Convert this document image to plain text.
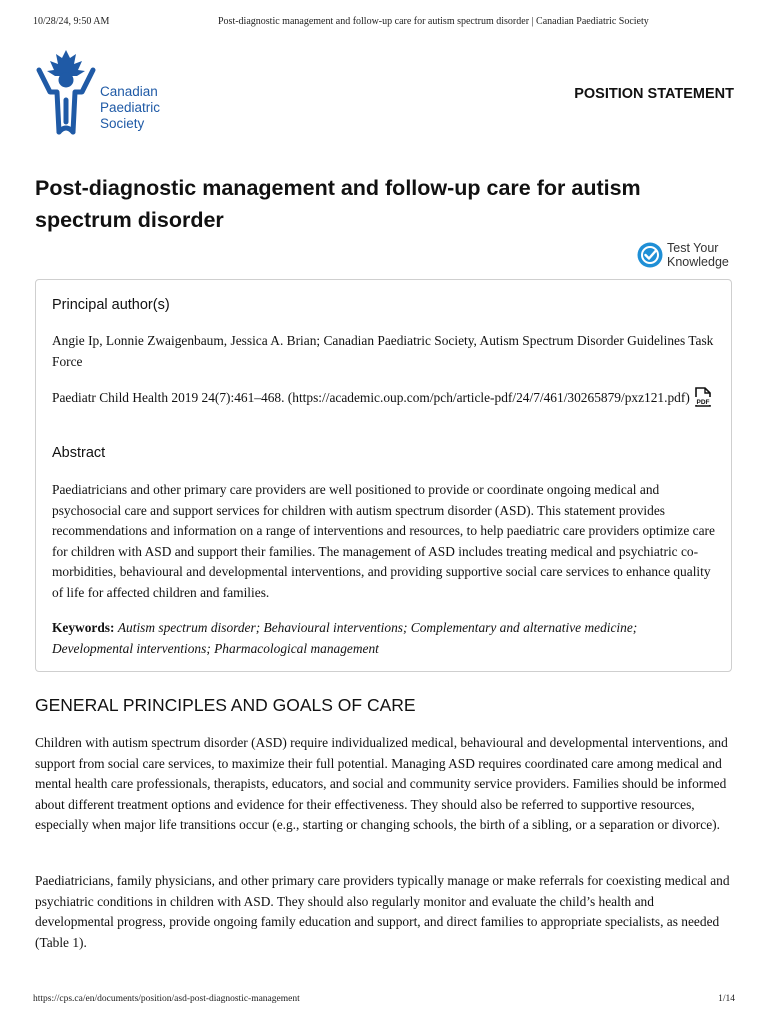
10/28/24, 9:50 AM	Post-diagnostic management and follow-up care for autism spectrum disorder | Canadian Paediatric Society
Canadian
Paediatric
Society
POSITION STATEMENT
Post-diagnostic management and follow-up care for autism spectrum disorder
Test Your
Knowledge
Principal author(s)

Angie Ip, Lonnie Zwaigenbaum, Jessica A. Brian; Canadian Paediatric Society, Autism Spectrum Disorder Guidelines Task Force

Paediatr Child Health 2019 24(7):461–468. (https://academic.oup.com/pch/article-pdf/24/7/461/30265879/pxz121.pdf) PDF

Abstract

Paediatricians and other primary care providers are well positioned to provide or coordinate ongoing medical and psychosocial care and support services for children with autism spectrum disorder (ASD). This statement provides recommendations and information on a range of interventions and resources, to help paediatric care providers optimize care for children with ASD and support their families. The management of ASD includes treating medical and psychiatric co-morbidities, behavioural and developmental interventions, and providing supportive social care services to enhance quality of life for affected children and families.

Keywords: Autism spectrum disorder; Behavioural interventions; Complementary and alternative medicine; Developmental interventions; Pharmacological management

GENERAL PRINCIPLES AND GOALS OF CARE

Children with autism spectrum disorder (ASD) require individualized medical, behavioural and developmental interventions, and support from social care services, to maximize their full potential. Managing ASD requires coordinated care among medical and mental health care professionals, therapists, educators, and social and community service providers. Families should be informed about different treatment options and evidence for their effectiveness. They should also be referred to supportive resources, especially when major life transitions occur (e.g., starting or changing schools, the birth of a sibling, or a separation or divorce).

Paediatricians, family physicians, and other primary care providers typically manage or make referrals for coexisting medical and psychiatric conditions in children with ASD. They should also regularly monitor and evaluate the child’s health and developmental progress, provide ongoing family education and support, and direct families to appropriate specialists, as needed (Table 1).

https://cps.ca/en/documents/position/asd-post-diagnostic-management	1/14
